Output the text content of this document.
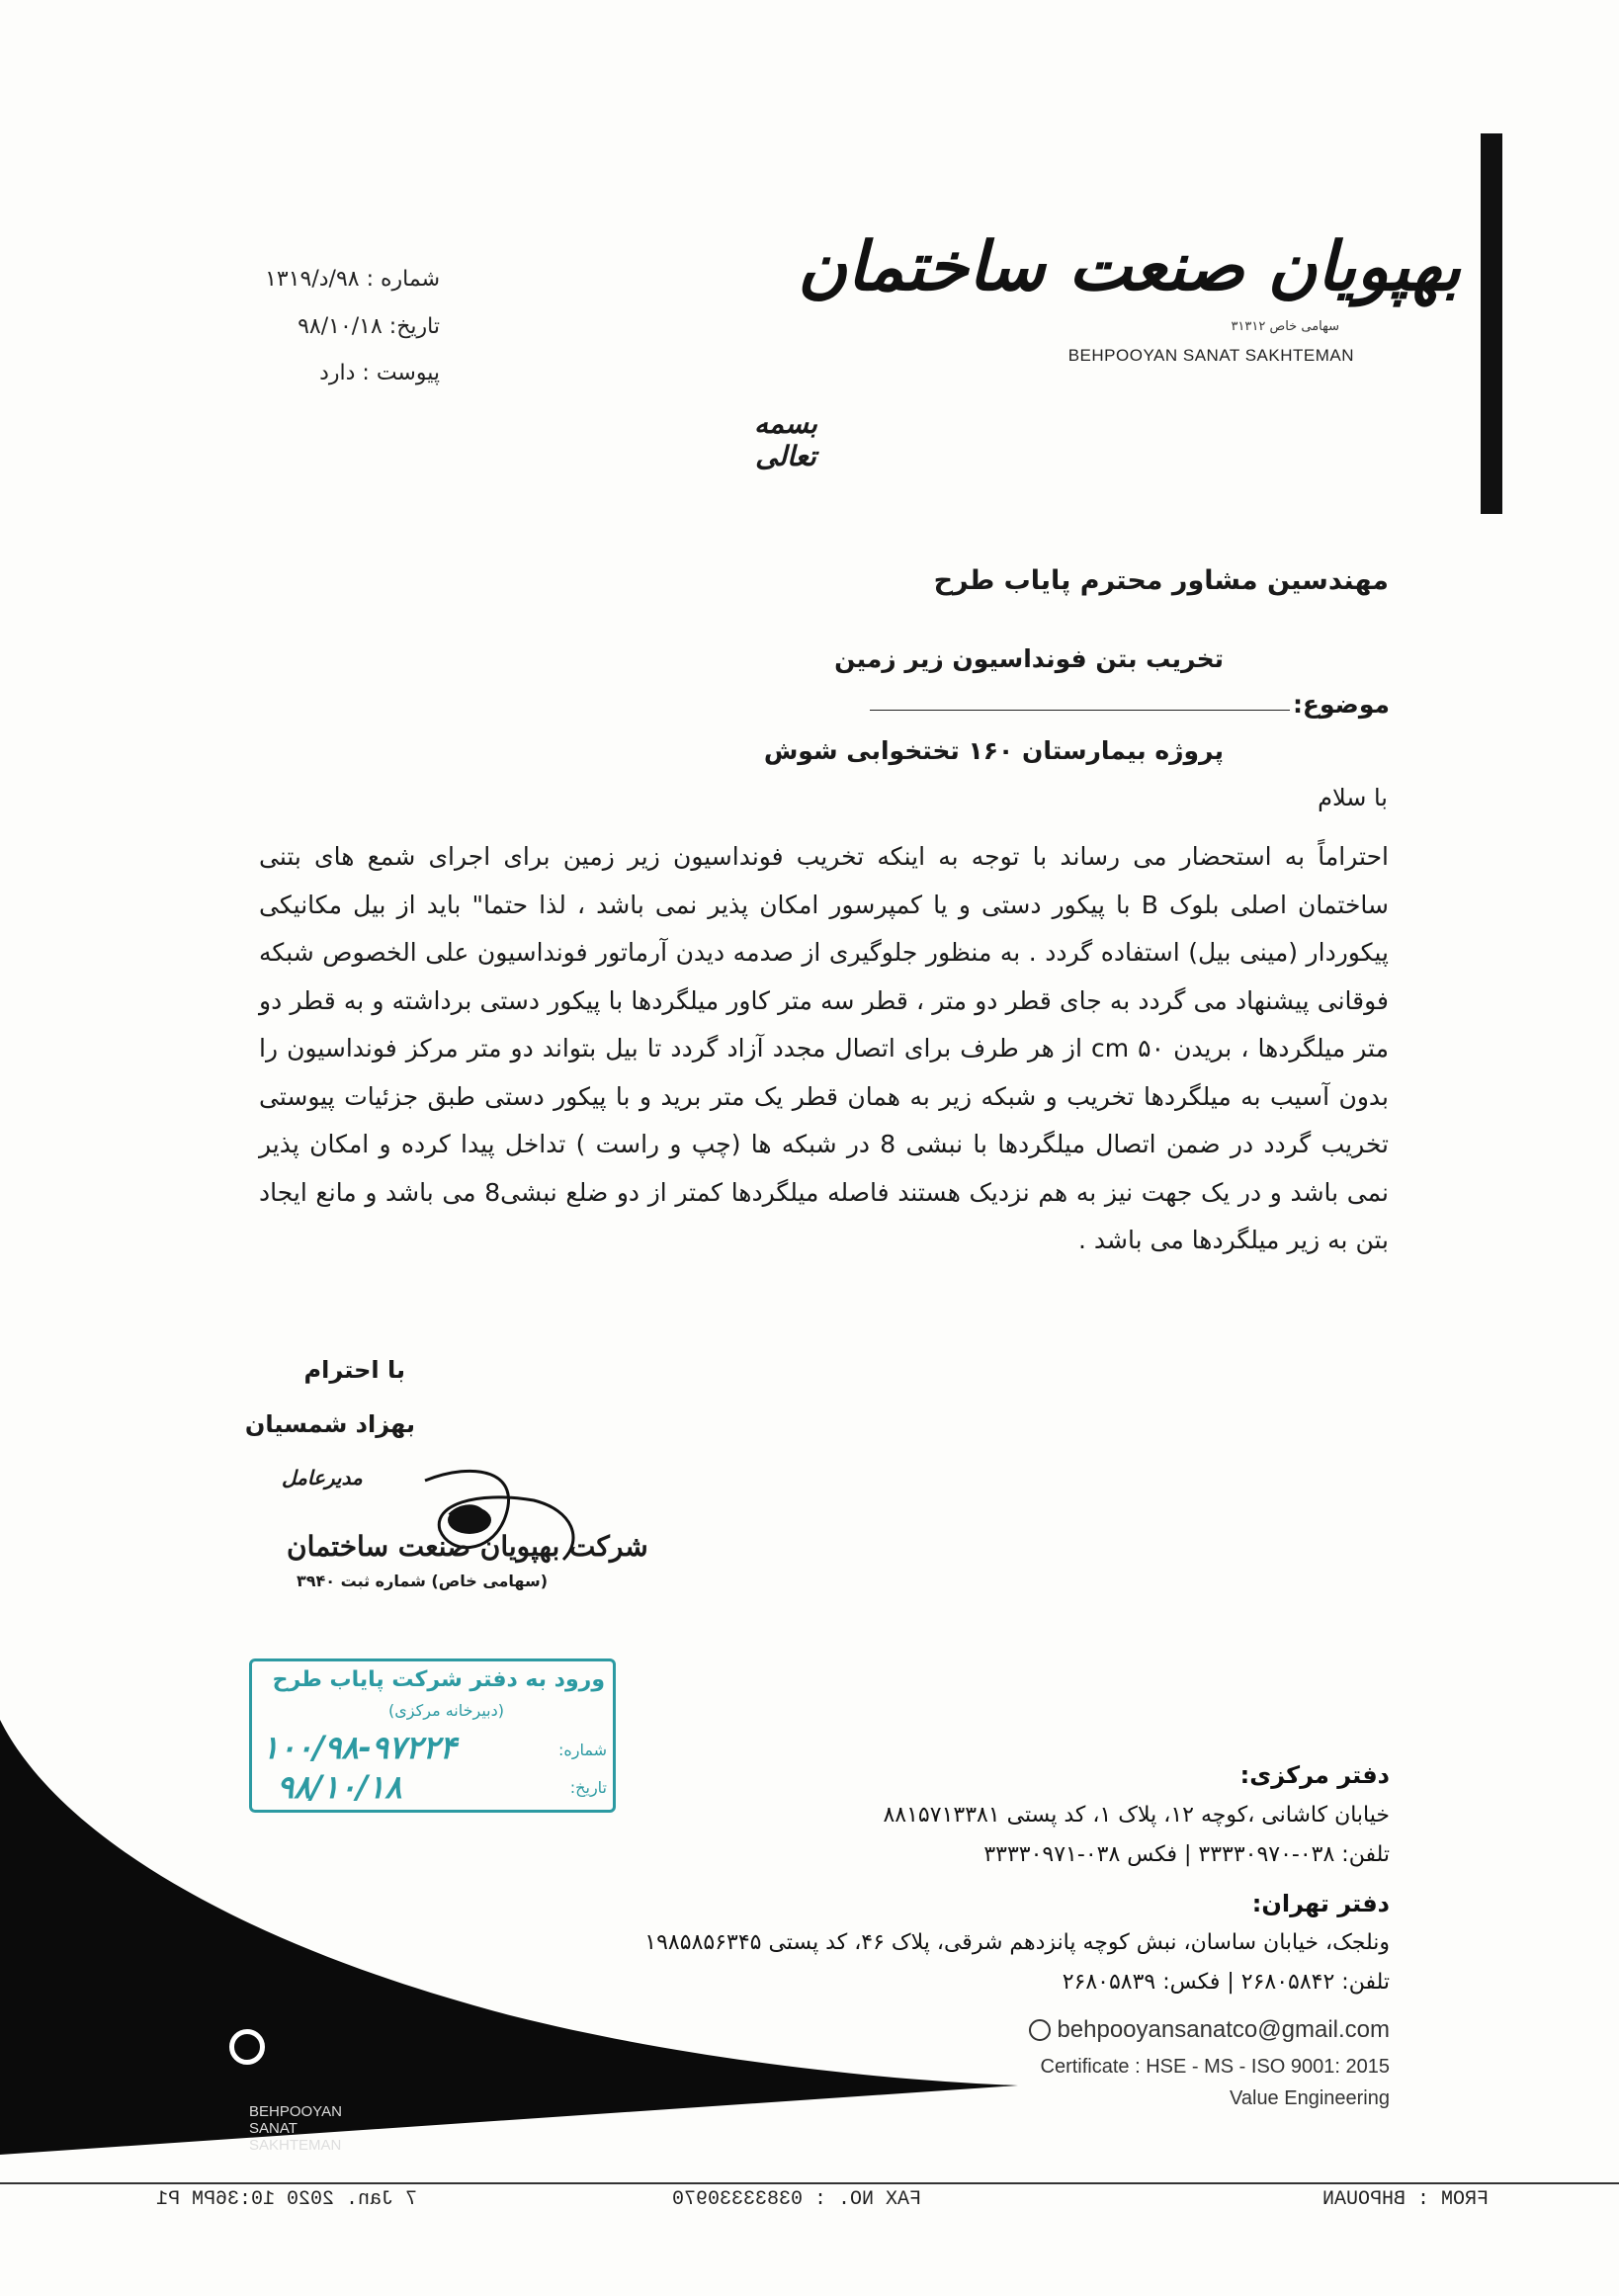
بهپویان صنعت ساختمان
سهامی خاص ۳۱۳۱۲
BEHPOOYAN SANAT SAKHTEMAN
شماره : ۹۸/د/۱۳۱۹
تاریخ: ۹۸/۱۰/۱۸
پیوست : دارد
بسمه تعالی
مهندسین مشاور محترم پایاب طرح
تخریب بتن فونداسیون زیر زمین
موضوع:
پروژه بیمارستان ۱۶۰ تختخوابی شوش
با سلام
احتراماً به استحضار می رساند با توجه به اینکه تخریب فونداسیون زیر زمین برای اجرای شمع های بتنی ساختمان اصلی بلوک B با پیکور دستی و یا کمپرسور امکان پذیر نمی باشد ، لذا حتما" باید از بیل مکانیکی پیکوردار (مینی بیل) استفاده گردد . به منظور جلوگیری از صدمه دیدن آرماتور فونداسیون علی الخصوص شبکه فوقانی پیشنهاد می گردد به جای قطر دو متر ، قطر سه متر کاور میلگردها با پیکور دستی برداشته و به قطر دو متر میلگردها ، بریدن cm ۵۰ از هر طرف برای اتصال مجدد آزاد گردد تا بیل بتواند دو متر مرکز فونداسیون را بدون آسیب به میلگردها تخریب و شبکه زیر به همان قطر یک متر برید و با پیکور دستی طبق جزئیات پیوستی تخریب گردد در ضمن اتصال میلگردها با نبشی 8 در شبکه ها (چپ و راست ) تداخل پیدا کرده و امکان پذیر نمی باشد و در یک جهت نیز به هم نزدیک هستند فاصله میلگردها کمتر از دو ضلع نبشی8 می باشد و مانع ایجاد بتن به زیر میلگردها می باشد .
با احترام
بهزاد شمسیان
مدیرعامل
شرکت بهپویان صنعت ساختمان
(سهامی خاص) شماره ثبت ۳۹۴۰
ورود به دفتر شرکت پایاب طرح
(دبیرخانه مرکزی)
شماره:
۱۰۰/۹۸-۹۷۲۲۴
تاریخ:
۹۸/۱۰/۱۸
BEHPOOYAN SANAT SAKHTEMAN
دفتر مرکزی:
خیابان کاشانی ،کوچه ۱۲، پلاک ۱، کد پستی ۸۸۱۵۷۱۳۳۸۱
تلفن: ۰۳۸-۳۳۳۳۰۹۷۰ | فکس ۰۳۸-۳۳۳۳۰۹۷۱
دفتر تهران:
ونلجک، خیابان ساسان، نبش کوچه پانزدهم شرقی، پلاک ۴۶، کد پستی ۱۹۸۵۸۵۶۳۴۵
تلفن: ۲۶۸۰۵۸۴۲ | فکس: ۲۶۸۰۵۸۳۹
behpooyansanatco@gmail.com
Certificate : HSE - MS - ISO 9001: 2015
Value Engineering
FROM : BHPOUAN
FAX NO. : 03833330970
7 Jan. 2020 10:36PM P1
